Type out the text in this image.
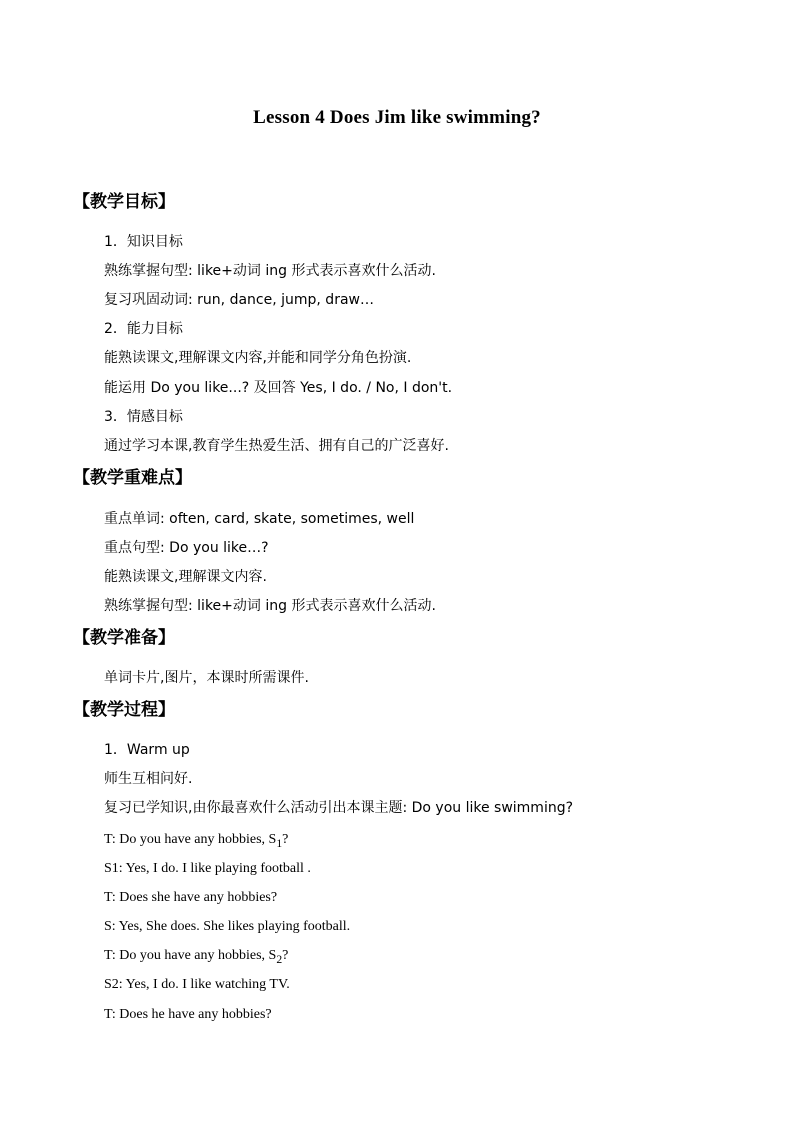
Lesson 4 Does Jim like swimming?
【教学目标】
1．知识目标
熟练掌握句型: like+动词 ing 形式表示喜欢什么活动.
复习巩固动词: run, dance, jump, draw…
2．能力目标
能熟读课文,理解课文内容,并能和同学分角色扮演.
能运用 Do you like...? 及回答 Yes, I do. / No, I don't.
3．情感目标
通过学习本课,教育学生热爱生活、拥有自己的广泛喜好.
【教学重难点】
重点单词: often, card, skate, sometimes, well
重点句型: Do you like…?
能熟读课文,理解课文内容.
熟练掌握句型: like+动词 ing 形式表示喜欢什么活动.
【教学准备】
单词卡片,图片，本课时所需课件.
【教学过程】
1．Warm up
师生互相问好.
复习已学知识,由你最喜欢什么活动引出本课主题: Do you like swimming?
T: Do you have any hobbies, $S_1$?
S1: Yes, I do. I like playing football .
T: Does she have any hobbies?
S: Yes, She does. She likes playing football.
T: Do you have any hobbies, $S_2$?
S2: Yes, I do. I like watching TV.
T: Does he have any hobbies?
